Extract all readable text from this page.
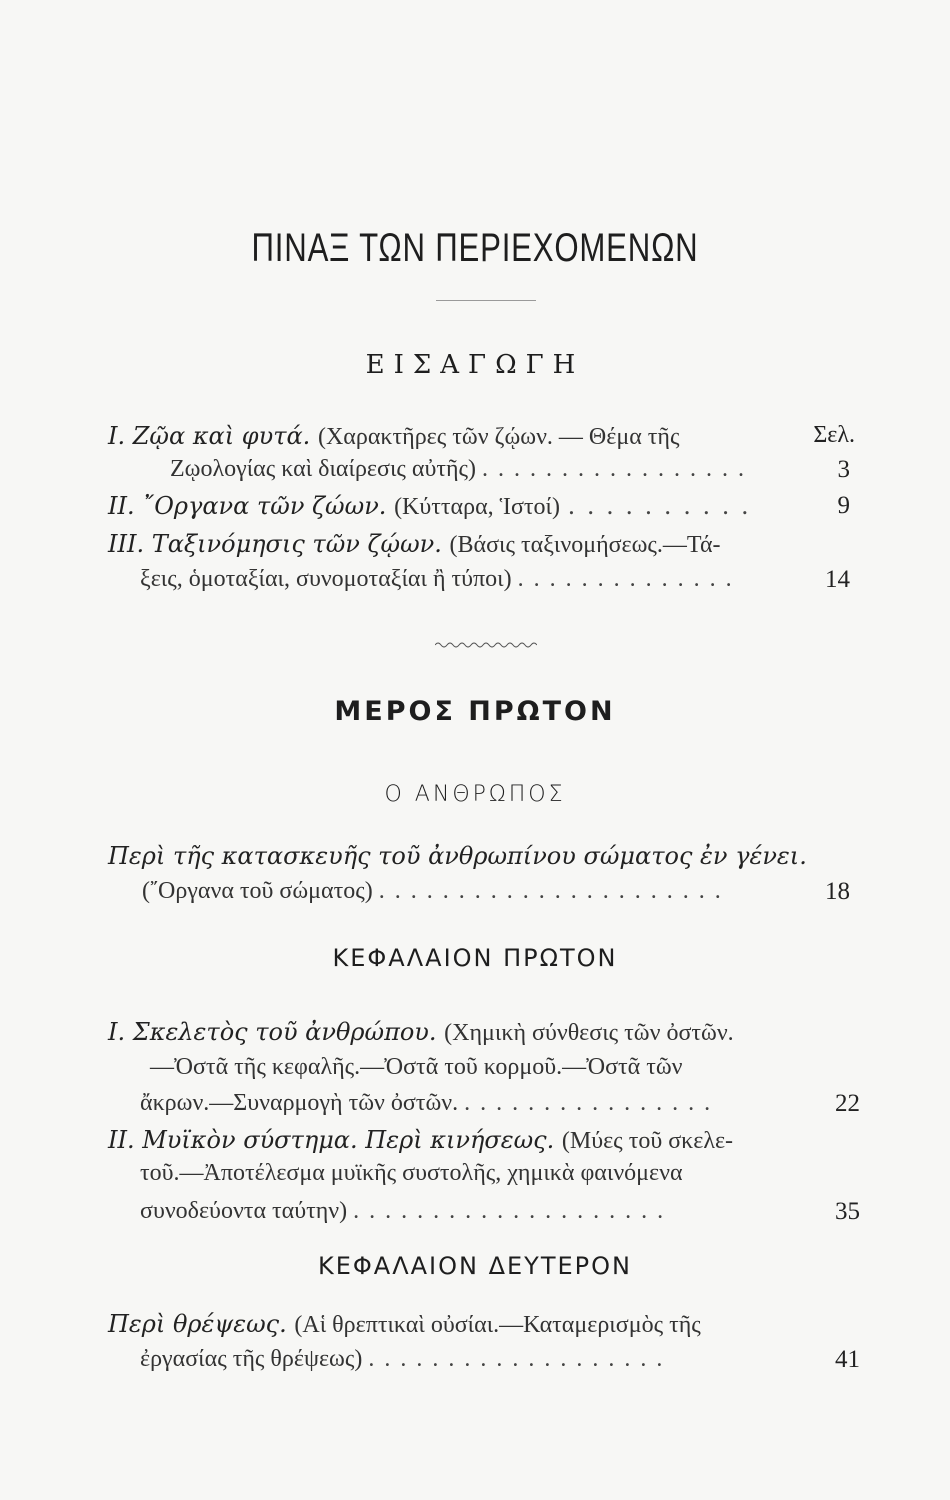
ΠΙΝΑΞ ΤΩΝ ΠΕΡΙΕΧΟΜΕΝΩΝ
ΕΙΣΑΓΩΓΗ
I. Ζῷα καὶ φυτά. (Χαρακτῆρες τῶν ζῴων. — Θέμα τῆς	Σελ.
Ζῳολογίας καὶ διαίρεσις αὐτῆς) . . . . . . . . . . . . . . . . .	3
II. ῎Οργανα τῶν ζώων. (Κύτταρα, Ἱστοί) . . . . . . . . . .	9
III. Ταξινόμησις τῶν ζῴων. (Βάσις ταξινομήσεως.—Τά-
ξεις, ὁμοταξίαι, συνομοταξίαι ἢ τύποι) . . . . . . . . . . . . . .	14
ΜΕΡΟΣ ΠΡΩΤΟΝ
Ο ΑΝΘΡΩΠΟΣ
Περὶ τῆς κατασκευῆς τοῦ ἀνθρωπίνου σώματος ἐν γένει.
(῎Οργανα τοῦ σώματος) . . . . . . . . . . . . . . . . . . . . . .	18
ΚΕΦΑΛΑΙΟΝ ΠΡΩΤΟΝ
I. Σκελετὸς τοῦ ἀνθρώπου. (Χημικὴ σύνθεσις τῶν ὀστῶν.
—Ὀστᾶ τῆς κεφαλῆς.—Ὀστᾶ τοῦ κορμοῦ.—Ὀστᾶ τῶν
ἄκρων.—Συναρμογὴ τῶν ὀστῶν. . . . . . . . . . . . . . . . .	22
II. Μυϊκὸν σύστημα. Περὶ κινήσεως. (Μύες τοῦ σκελε-
τοῦ.—Ἀποτέλεσμα μυϊκῆς συστολῆς, χημικὰ φαινόμενα
συνοδεύοντα ταύτην) . . . . . . . . . . . . . . . . . . . .	35
ΚΕΦΑΛΑΙΟΝ ΔΕΥΤΕΡΟΝ
Περὶ θρέψεως. (Αἱ θρεπτικαὶ οὐσίαι.—Καταμερισμὸς τῆς
ἐργασίας τῆς θρέψεως) . . . . . . . . . . . . . . . . . . .	41
